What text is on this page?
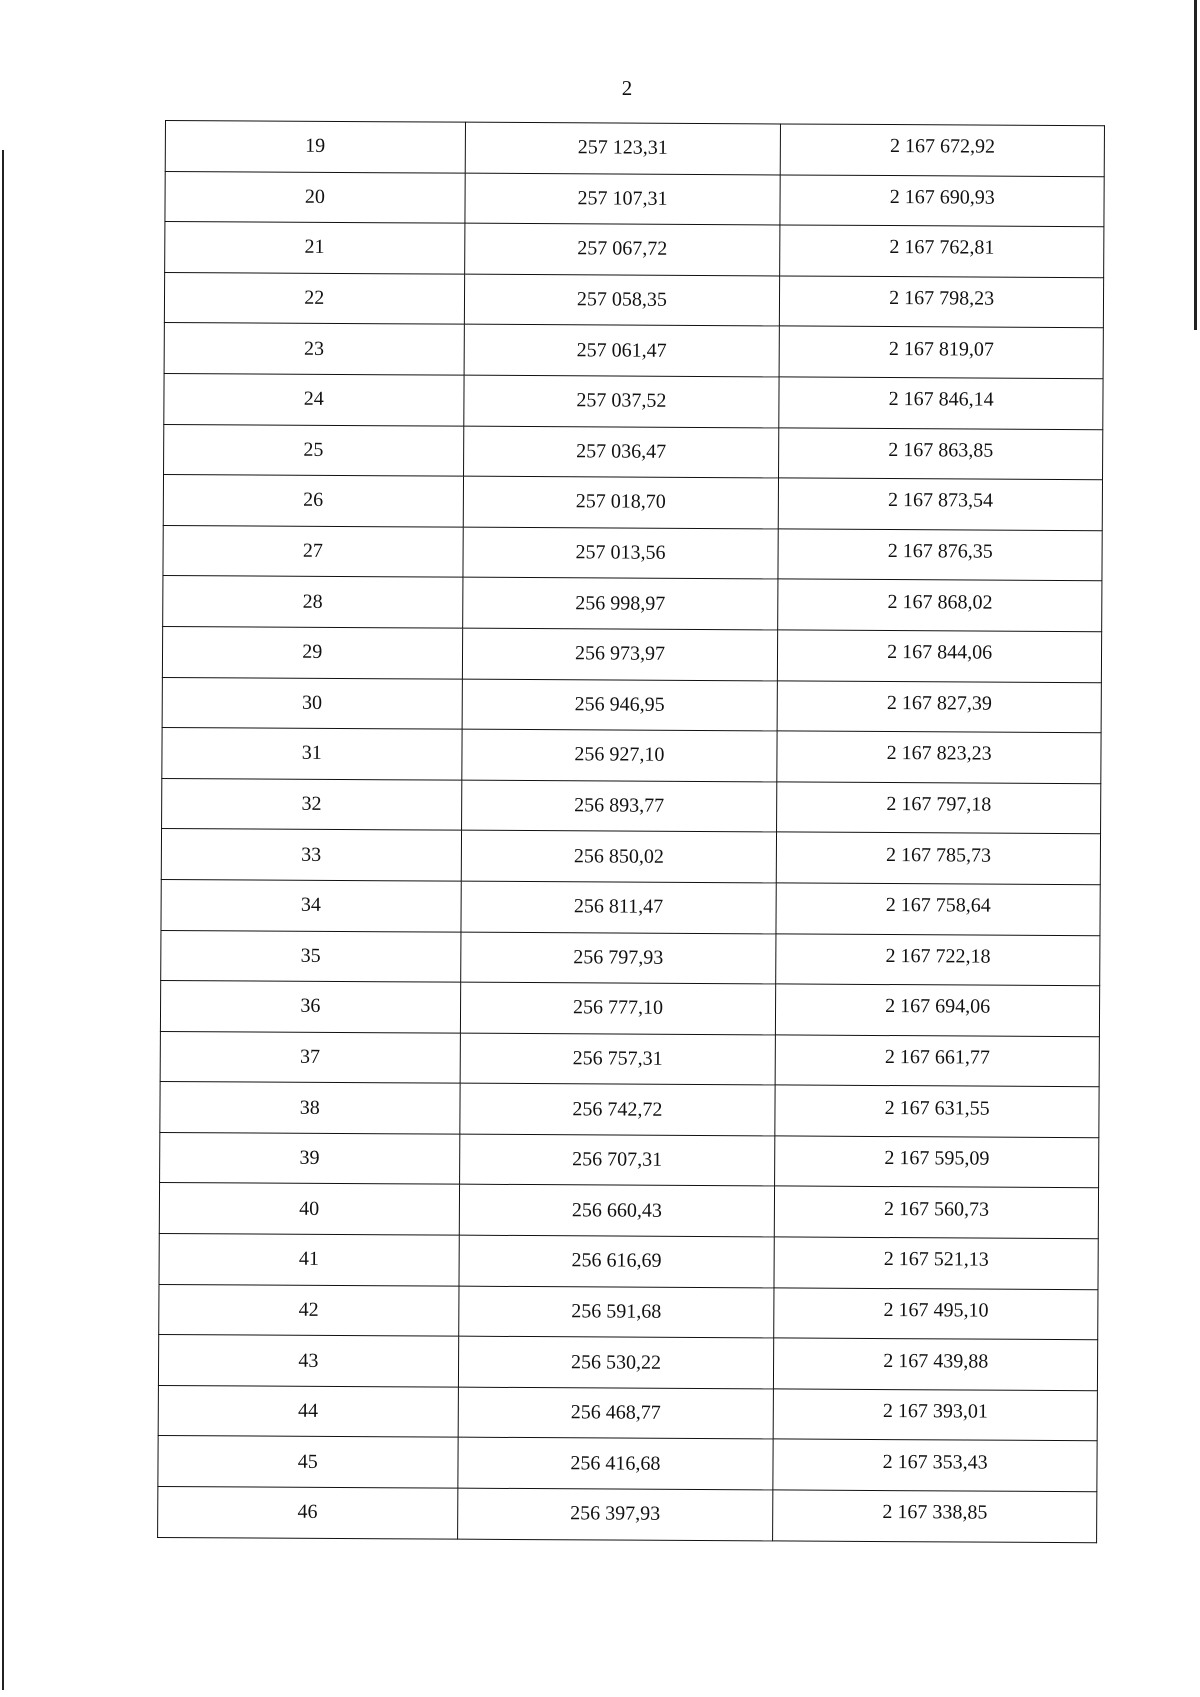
2

19	257 123,31	2 167 672,92
20	257 107,31	2 167 690,93
21	257 067,72	2 167 762,81
22	257 058,35	2 167 798,23
23	257 061,47	2 167 819,07
24	257 037,52	2 167 846,14
25	257 036,47	2 167 863,85
26	257 018,70	2 167 873,54
27	257 013,56	2 167 876,35
28	256 998,97	2 167 868,02
29	256 973,97	2 167 844,06
30	256 946,95	2 167 827,39
31	256 927,10	2 167 823,23
32	256 893,77	2 167 797,18
33	256 850,02	2 167 785,73
34	256 811,47	2 167 758,64
35	256 797,93	2 167 722,18
36	256 777,10	2 167 694,06
37	256 757,31	2 167 661,77
38	256 742,72	2 167 631,55
39	256 707,31	2 167 595,09
40	256 660,43	2 167 560,73
41	256 616,69	2 167 521,13
42	256 591,68	2 167 495,10
43	256 530,22	2 167 439,88
44	256 468,77	2 167 393,01
45	256 416,68	2 167 353,43
46	256 397,93	2 167 338,85
